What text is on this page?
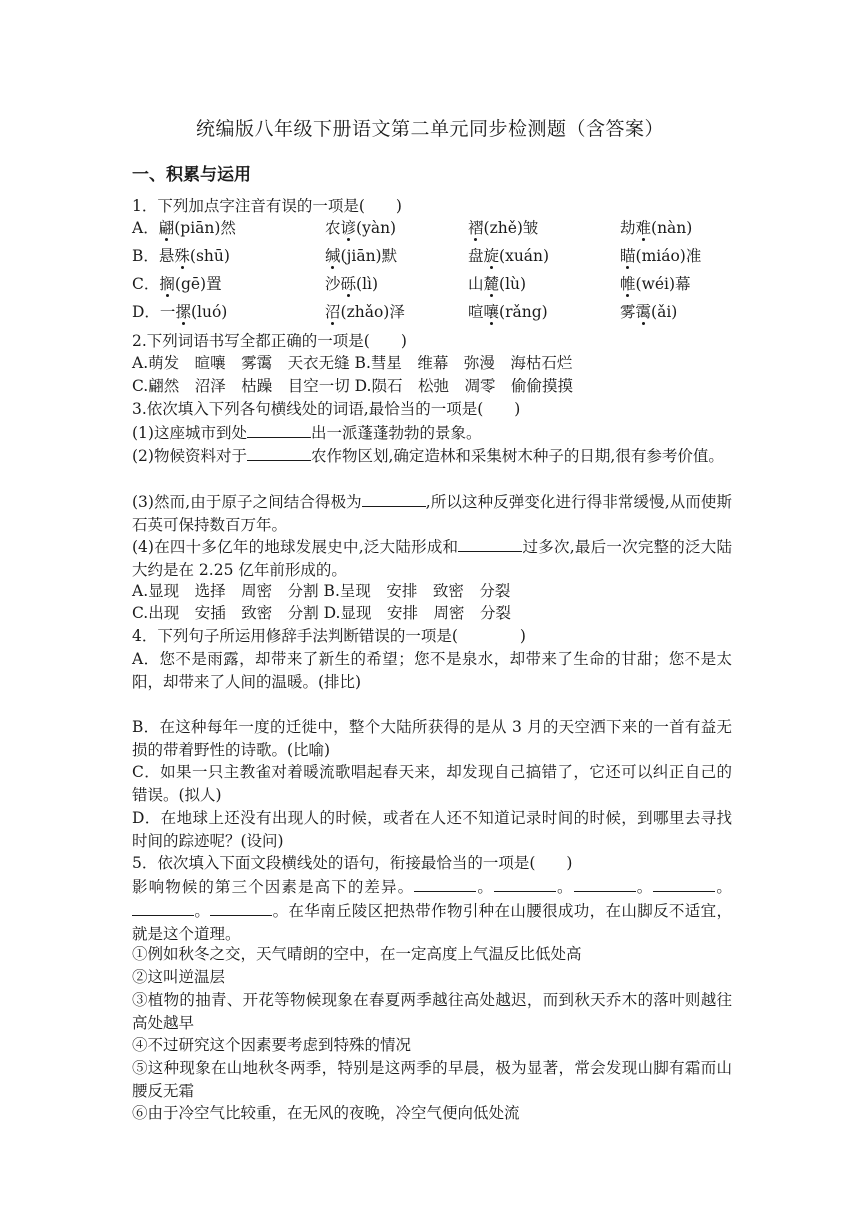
统编版八年级下册语文第二单元同步检测题（含答案）
一、积累与运用
1．下列加点字注音有误的一项是(　　)
A．翩(piān)然	农谚(yàn)	褶(zhě)皱	劫难(nàn)
B．悬殊(shū)	缄(jiān)默	盘旋(xuán)	瞄(miáo)准
C．搁(gē)置	沙砾(lì)	山麓(lù)	帷(wéi)幕
D．一摞(luó)	沼(zhǎo)泽	喧嚷(rǎng)	雾霭(ǎi)
2.下列词语书写全都正确的一项是(　　)
A.萌发　暄嚷　雾霭　天衣无缝 B.彗星　维幕　弥漫　海枯石烂
C.翩然　沼泽　枯躁　目空一切 D.陨石　松弛　凋零　偷偷摸摸
3.依次填入下列各句横线处的词语,最恰当的一项是(　　)
(1)这座城市到处	出一派蓬蓬勃勃的景象。
(2)物候资料对于	农作物区划,确定造林和采集树木种子的日期,很有参考价值。
(3)然而,由于原子之间结合得极为	,所以这种反弹变化进行得非常缓慢,从而使斯石英可保持数百万年。
(4)在四十多亿年的地球发展史中,泛大陆形成和	过多次,最后一次完整的泛大陆大约是在 2.25 亿年前形成的。
A.显现　选择　周密　分割 B.呈现　安排　致密　分裂
C.出现　安插　致密　分割 D.显现　安排　周密　分裂
4．下列句子所运用修辞手法判断错误的一项是(　　　　)
A．您不是雨露，却带来了新生的希望；您不是泉水，却带来了生命的甘甜；您不是太阳，却带来了人间的温暖。(排比)
B．在这种每年一度的迁徙中，整个大陆所获得的是从 3 月的天空洒下来的一首有益无损的带着野性的诗歌。(比喻)
C．如果一只主教雀对着暖流歌唱起春天来，却发现自己搞错了，它还可以纠正自己的错误。(拟人)
D．在地球上还没有出现人的时候，或者在人还不知道记录时间的时候，到哪里去寻找时间的踪迹呢？(设问)
5．依次填入下面文段横线处的语句，衔接最恰当的一项是(　　)
影响物候的第三个因素是高下的差异。	。	。	。	。。	。在华南丘陵区把热带作物引种在山腰很成功，在山脚反不适宜，就是这个道理。
①例如秋冬之交，天气晴朗的空中，在一定高度上气温反比低处高
②这叫逆温层
③植物的抽青、开花等物候现象在春夏两季越往高处越迟，而到秋天乔木的落叶则越往高处越早
④不过研究这个因素要考虑到特殊的情况
⑤这种现象在山地秋冬两季，特别是这两季的早晨，极为显著，常会发现山脚有霜而山腰反无霜
⑥由于冷空气比较重，在无风的夜晚，冷空气便向低处流
